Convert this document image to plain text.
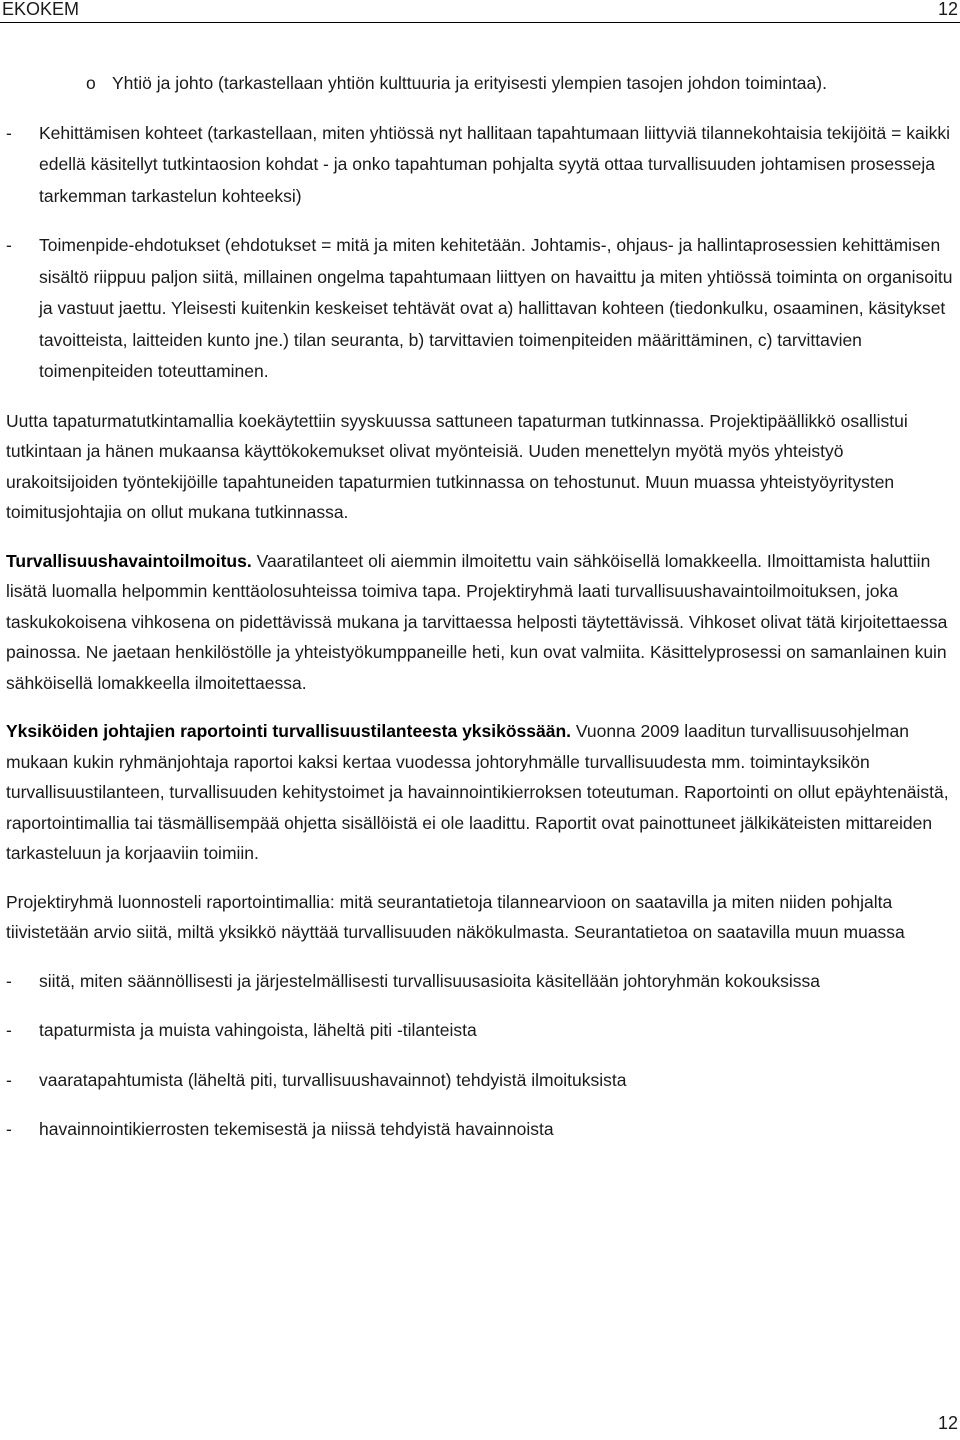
EKOKEM	12
o Yhtiö ja johto (tarkastellaan yhtiön kulttuuria ja erityisesti ylempien tasojen johdon toimintaa).
- Kehittämisen kohteet (tarkastellaan, miten yhtiössä nyt hallitaan tapahtumaan liittyviä tilannekohtaisia tekijöitä = kaikki edellä käsitellyt tutkintaosion kohdat - ja onko tapahtuman pohjalta syytä ottaa turvallisuuden johtamisen prosesseja tarkemman tarkastelun kohteeksi)
- Toimenpide-ehdotukset (ehdotukset = mitä ja miten kehitetään. Johtamis-, ohjaus- ja hallintaprosessien kehittämisen sisältö riippuu paljon siitä, millainen ongelma tapahtumaan liittyen on havaittu ja miten yhtiössä toiminta on organisoitu ja vastuut jaettu. Yleisesti kuitenkin keskeiset tehtävät ovat a) hallittavan kohteen (tiedonkulku, osaaminen, käsitykset tavoitteista, laitteiden kunto jne.) tilan seuranta, b) tarvittavien toimenpiteiden määrittäminen, c) tarvittavien toimenpiteiden toteuttaminen.

Uutta tapaturmatutkintamallia koekäytettiin syyskuussa sattuneen tapaturman tutkinnassa. Projektipäällikkö osallistui tutkintaan ja hänen mukaansa käyttökokemukset olivat myönteisiä. Uuden menettelyn myötä myös yhteistyö urakoitsijoiden työntekijöille tapahtuneiden tapaturmien tutkinnassa on tehostunut. Muun muassa yhteistyöyritysten toimitusjohtajia on ollut mukana tutkinnassa.

Turvallisuushavaintoilmoitus. Vaaratilanteet oli aiemmin ilmoitettu vain sähköisellä lomakkeella. Ilmoittamista haluttiin lisätä luomalla helpommin kenttäolosuhteissa toimiva tapa. Projektiryhmä laati turvallisuushavaintoilmoituksen, joka taskukokoisena vihkosena on pidettävissä mukana ja tarvittaessa helposti täytettävissä. Vihkoset olivat tätä kirjoitettaessa painossa. Ne jaetaan henkilöstölle ja yhteistyökumppaneille heti, kun ovat valmiita. Käsittelyprosessi on samanlainen kuin sähköisellä lomakkeella ilmoitettaessa.

Yksiköiden johtajien raportointi turvallisuustilanteesta yksikössään. Vuonna 2009 laaditun turvallisuusohjelman mukaan kukin ryhmänjohtaja raportoi kaksi kertaa vuodessa johtoryhmälle turvallisuudesta mm. toimintayksikön turvallisuustilanteen, turvallisuuden kehitystoimet ja havainnointikierroksen toteutuman. Raportointi on ollut epäyhtenäistä, raportointimallia tai täsmällisempää ohjetta sisällöistä ei ole laadittu. Raportit ovat painottuneet jälkikäteisten mittareiden tarkasteluun ja korjaaviin toimiin.

Projektiryhmä luonnosteli raportointimallia: mitä seurantatietoja tilannearvioon on saatavilla ja miten niiden pohjalta tiivistetään arvio siitä, miltä yksikkö näyttää turvallisuuden näkökulmasta. Seurantatietoa on saatavilla muun muassa

- siitä, miten säännöllisesti ja järjestelmällisesti turvallisuusasioita käsitellään johtoryhmän kokouksissa
- tapaturmista ja muista vahingoista, läheltä piti -tilanteista
- vaaratapahtumista (läheltä piti, turvallisuushavainnot) tehdyistä ilmoituksista
- havainnointikierrosten tekemisestä ja niissä tehdyistä havainnoista
12
